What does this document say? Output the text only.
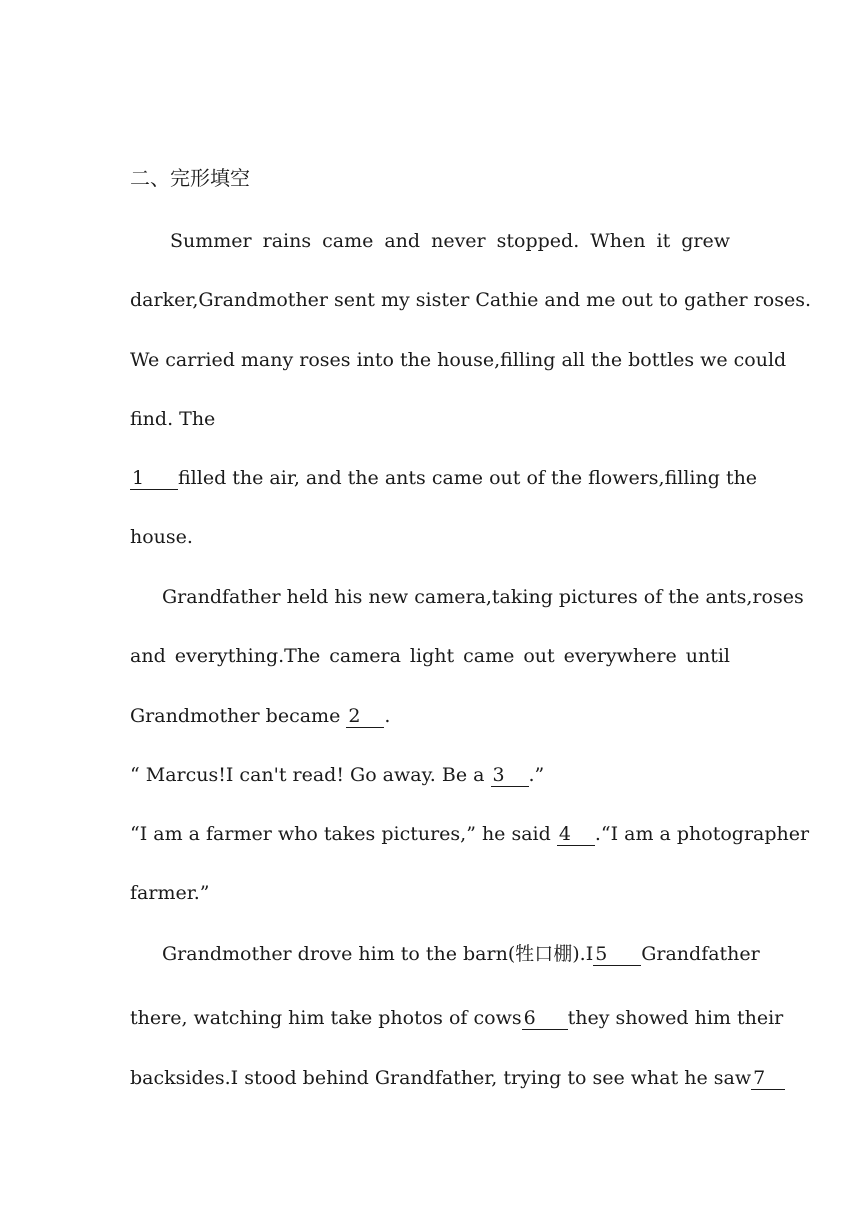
二、完形填空
Summer rains came and never stopped. When it grew
darker,Grandmother sent my sister Cathie and me out to gather roses.
We carried many roses into the house,filling all the bottles we could
find. The
1 filled the air, and the ants came out of the flowers,filling the
house.
Grandfather held his new camera,taking pictures of the ants,roses
and everything.The camera light came out everywhere until
Grandmother became 2 .
“ Marcus!I can't read! Go away. Be a 3 .”
“I am a farmer who takes pictures,” he said 4 .“I am a photographer
farmer.”
Grandmother drove him to the barn(牲口棚).I 5 Grandfather
there, watching him take photos of cows 6 they showed him their
backsides.I stood behind Grandfather, trying to see what he saw 7
